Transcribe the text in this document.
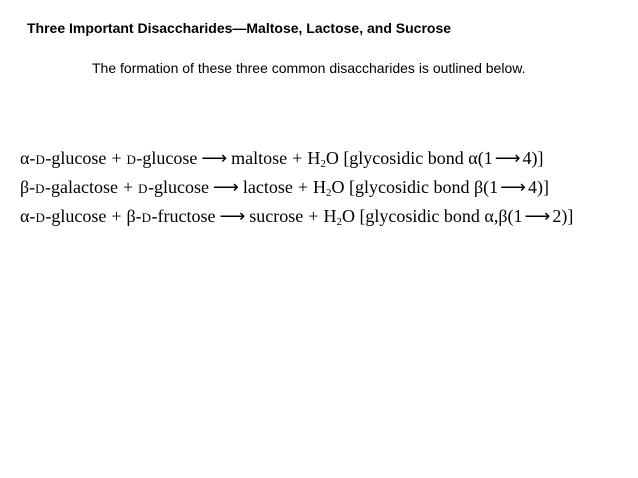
Three Important Disaccharides—Maltose, Lactose, and Sucrose
The formation of these three common disaccharides is outlined below.
α-D-glucose + D-glucose ⟶ maltose + $H_2O$ [glycosidic bond α(1 ⟶ 4)]
β-D-galactose + D-glucose ⟶ lactose + $H_2O$ [glycosidic bond β(1 ⟶ 4)]
α-D-glucose + β-D-fructose ⟶ sucrose + $H_2O$ [glycosidic bond α,β(1 ⟶ 2)]
